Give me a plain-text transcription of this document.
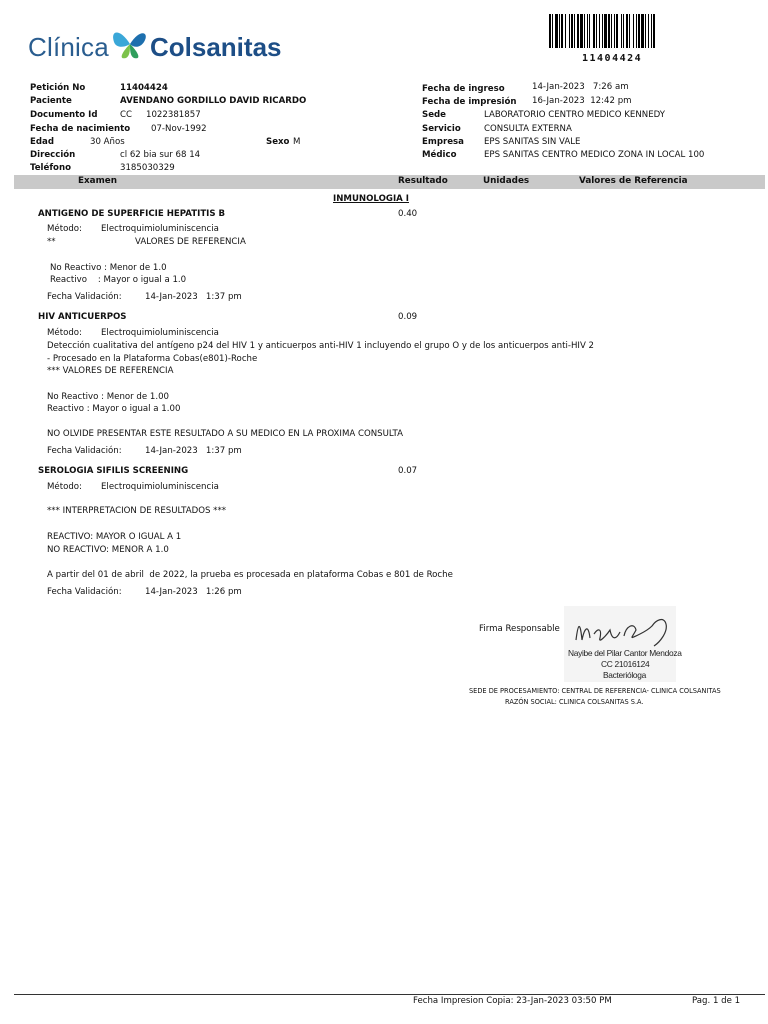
Clínica Colsanitas	11404424
Petición No	11404424
Paciente	AVENDANO GORDILLO DAVID RICARDO
Documento Id	CC 1022381857
Fecha de nacimiento 07-Nov-1992
Edad	30 Años	Sexo M
Dirección	cl 62 bia sur 68 14
Teléfono	3185030329
Fecha de ingreso	14-Jan-2023   7:26 am
Fecha de impresión 16-Jan-2023  12:42 pm
Sede	LABORATORIO CENTRO MEDICO KENNEDY
Servicio	CONSULTA EXTERNA
Empresa EPS SANITAS SIN VALE
Médico	EPS SANITAS CENTRO MEDICO ZONA IN LOCAL 100
Examen	Resultado	Unidades	Valores de Referencia
INMUNOLOGIA I
ANTIGENO DE SUPERFICIE HEPATITIS B	0.40
Método: Electroquimioluminiscencia
**	VALORES DE REFERENCIA
No Reactivo : Menor de 1.0
Reactivo    : Mayor o igual a 1.0
Fecha Validación:	14-Jan-2023   1:37 pm
HIV ANTICUERPOS	0.09
Método: Electroquimioluminiscencia
Detección cualitativa del antígeno p24 del HIV 1 y anticuerpos anti-HIV 1 incluyendo el grupo O y de los anticuerpos anti-HIV 2
- Procesado en la Plataforma Cobas(e801)-Roche
*** VALORES DE REFERENCIA
No Reactivo : Menor de 1.00
Reactivo : Mayor o igual a 1.00
NO OLVIDE PRESENTAR ESTE RESULTADO A SU MEDICO EN LA PROXIMA CONSULTA
Fecha Validación:	14-Jan-2023   1:37 pm
SEROLOGIA SIFILIS SCREENING	0.07
Método: Electroquimioluminiscencia
*** INTERPRETACION DE RESULTADOS ***
REACTIVO: MAYOR O IGUAL A 1
NO REACTIVO: MENOR A 1.0
A partir del 01 de abril  de 2022, la prueba es procesada en plataforma Cobas e 801 de Roche
Fecha Validación:	14-Jan-2023   1:26 pm
Firma Responsable
Nayibe del Pilar Cantor Mendoza
CC 21016124
Bacterióloga
SEDE DE PROCESAMIENTO: CENTRAL DE REFERENCIA- CLINICA COLSANITAS
RAZÓN SOCIAL: CLINICA COLSANITAS S.A.
Fecha Impresion Copia: 23-Jan-2023 03:50 PM	Pag. 1 de 1
